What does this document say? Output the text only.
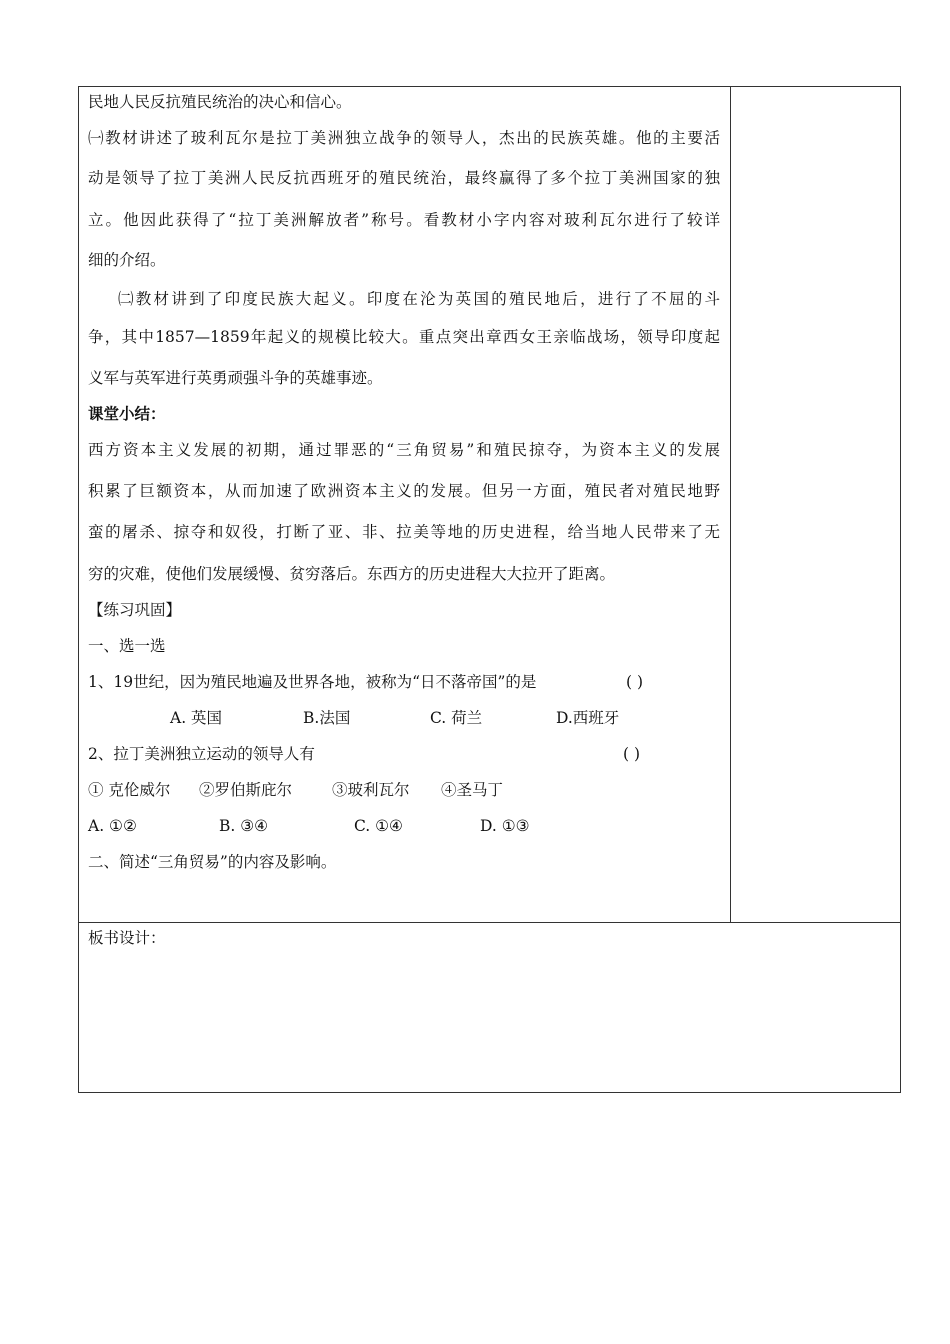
民地人民反抗殖民统治的决心和信心。
㈠教材讲述了玻利瓦尔是拉丁美洲独立战争的领导人，杰出的民族英雄。他的主要活
动是领导了拉丁美洲人民反抗西班牙的殖民统治，最终赢得了多个拉丁美洲国家的独
立。他因此获得了“拉丁美洲解放者”称号。看教材小字内容对玻利瓦尔进行了较详
细的介绍。
㈡教材讲到了印度民族大起义。印度在沦为英国的殖民地后，进行了不屈的斗
争，其中1857—1859年起义的规模比较大。重点突出章西女王亲临战场，领导印度起
义军与英军进行英勇顽强斗争的英雄事迹。
课堂小结：
西方资本主义发展的初期，通过罪恶的“三角贸易”和殖民掠夺，为资本主义的发展
积累了巨额资本，从而加速了欧洲资本主义的发展。但另一方面，殖民者对殖民地野
蛮的屠杀、掠夺和奴役，打断了亚、非、拉美等地的历史进程，给当地人民带来了无
穷的灾难，使他们发展缓慢、贫穷落后。东西方的历史进程大大拉开了距离。
【练习巩固】
一、选一选
1、19世纪，因为殖民地遍及世界各地，被称为“日不落帝国”的是	( )
A. 英国	B.法国	C. 荷兰	D.西班牙
2、拉丁美洲独立运动的领导人有	( )
① 克伦威尔 ②罗伯斯庇尔	③玻利瓦尔 ④圣马丁
A. ①②	B. ③④	C. ①④	D. ①③
二、简述“三角贸易”的内容及影响。
板书设计：
